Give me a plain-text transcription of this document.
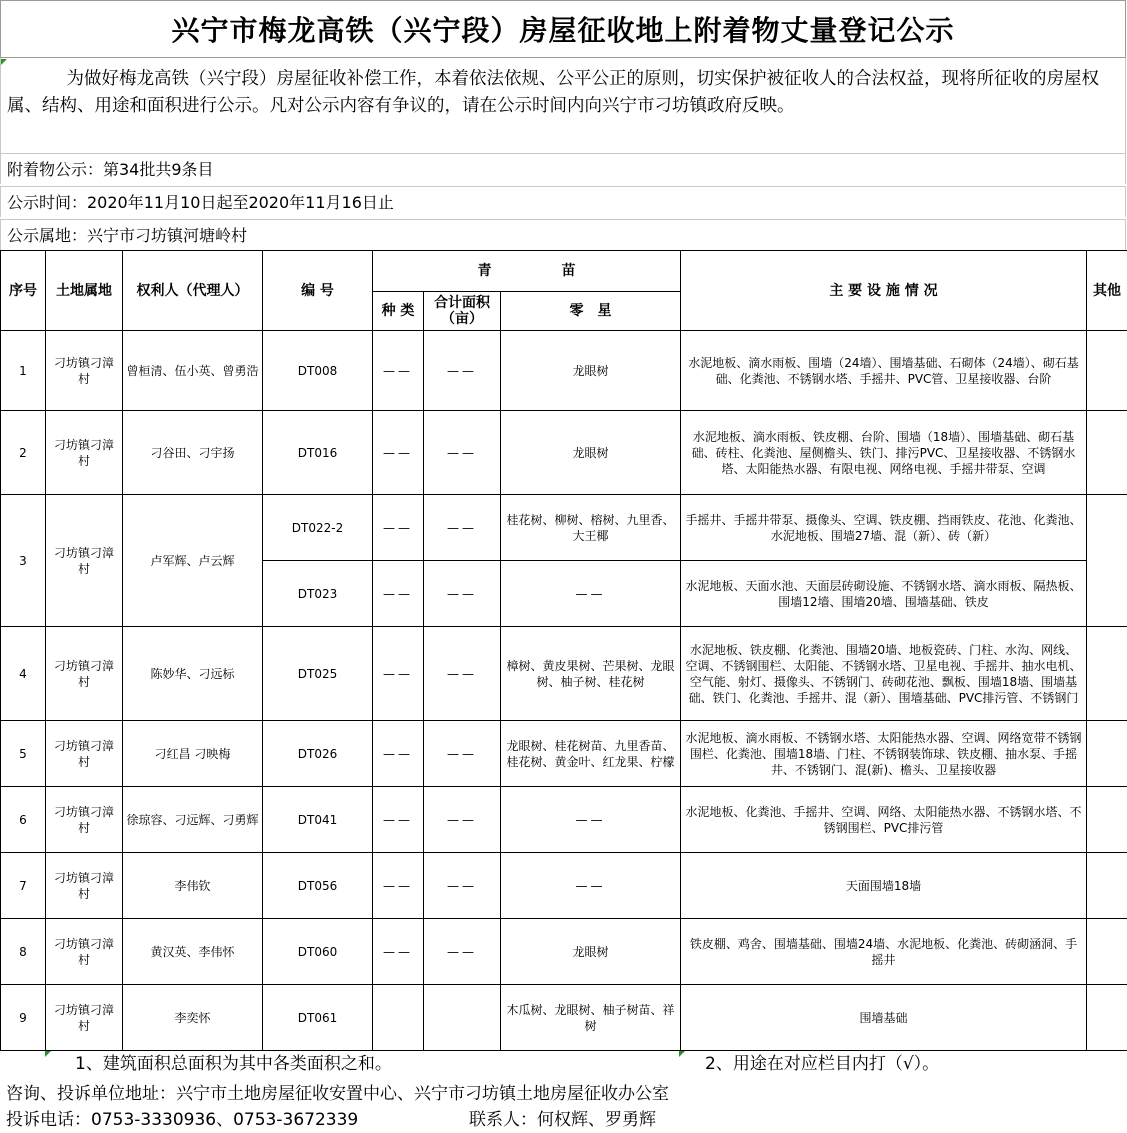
兴宁市梅龙高铁（兴宁段）房屋征收地上附着物丈量登记公示
为做好梅龙高铁（兴宁段）房屋征收补偿工作，本着依法依规、公平公正的原则，切实保护被征收人的合法权益，现将所征收的房屋权属、结构、用途和面积进行公示。凡对公示内容有争议的，请在公示时间内向兴宁市刁坊镇政府反映。
附着物公示：第34批共9条目
公示时间：2020年11月10日起至2020年11月16日止
公示属地：兴宁市刁坊镇河塘岭村
序号	土地属地	权利人（代理人）	编 号	青　　　　　苗			主 要 设 施 情 况	其他
				种 类	合计面积（亩）	零　星		
1	刁坊镇刁漳村	曾桓清、伍小英、曾勇浩	DT008	——	——	龙眼树	水泥地板、滴水雨板、围墙（24墙）、围墙基础、石砌体（24墙）、砌石基础、化粪池、不锈钢水塔、手摇井、PVC管、卫星接收器、台阶	
2	刁坊镇刁漳村	刁谷田、刁宇扬	DT016	——	——	龙眼树	水泥地板、滴水雨板、铁皮棚、台阶、围墙（18墙）、围墙基础、砌石基础、砖柱、化粪池、屋侧檐头、铁门、排污PVC、卫星接收器、不锈钢水塔、太阳能热水器、有限电视、网络电视、手摇井带泵、空调	
3	刁坊镇刁漳村	卢军辉、卢云辉	DT022-2	——	——	桂花树、柳树、榕树、九里香、大王椰	手摇井、手摇井带泵、摄像头、空调、铁皮棚、挡雨铁皮、花池、化粪池、水泥地板、围墙27墙、混（新）、砖（新）	
			DT023	——	——	——	水泥地板、天面水池、天面层砖砌设施、不锈钢水塔、滴水雨板、隔热板、围墙12墙、围墙20墙、围墙基础、铁皮	
4	刁坊镇刁漳村	陈妙华、刁远标	DT025	——	——	樟树、黄皮果树、芒果树、龙眼树、柚子树、桂花树	水泥地板、铁皮棚、化粪池、围墙20墙、地板瓷砖、门柱、水沟、网线、空调、不锈钢围栏、太阳能、不锈钢水塔、卫星电视、手摇井、抽水电机、空气能、射灯、摄像头、不锈钢门、砖砌花池、飘板、围墙18墙、围墙基础、铁门、化粪池、手摇井、混（新）、围墙基础、PVC排污管、不锈钢门	
5	刁坊镇刁漳村	刁红昌 刁映梅	DT026	——	——	龙眼树、桂花树苗、九里香苗、桂花树、黄金叶、红龙果、柠檬	水泥地板、滴水雨板、不锈钢水塔、太阳能热水器、空调、网络宽带不锈钢围栏、化粪池、围墙18墙、门柱、不锈钢装饰球、铁皮棚、抽水泵、手摇井、不锈钢门、混(新)、檐头、卫星接收器	
6	刁坊镇刁漳村	徐琼容、刁远辉、刁勇辉	DT041	——	——	——	水泥地板、化粪池、手摇井、空调、网络、太阳能热水器、不锈钢水塔、不锈钢围栏、PVC排污管	
7	刁坊镇刁漳村	李伟钦	DT056	——	——	——	天面围墙18墙	
8	刁坊镇刁漳村	黄汉英、李伟怀	DT060	——	——	龙眼树	铁皮棚、鸡舍、围墙基础、围墙24墙、水泥地板、化粪池、砖砌涵洞、手摇井	
9	刁坊镇刁漳村	李奕怀	DT061			木瓜树、龙眼树、柚子树苗、祥树	围墙基础	
1、建筑面积总面积为其中各类面积之和。	2、用途在对应栏目内打（√）。
咨询、投诉单位地址：兴宁市土地房屋征收安置中心、兴宁市刁坊镇土地房屋征收办公室
投诉电话：0753-3330936、0753-3672339	联系人：何权辉、罗勇辉
